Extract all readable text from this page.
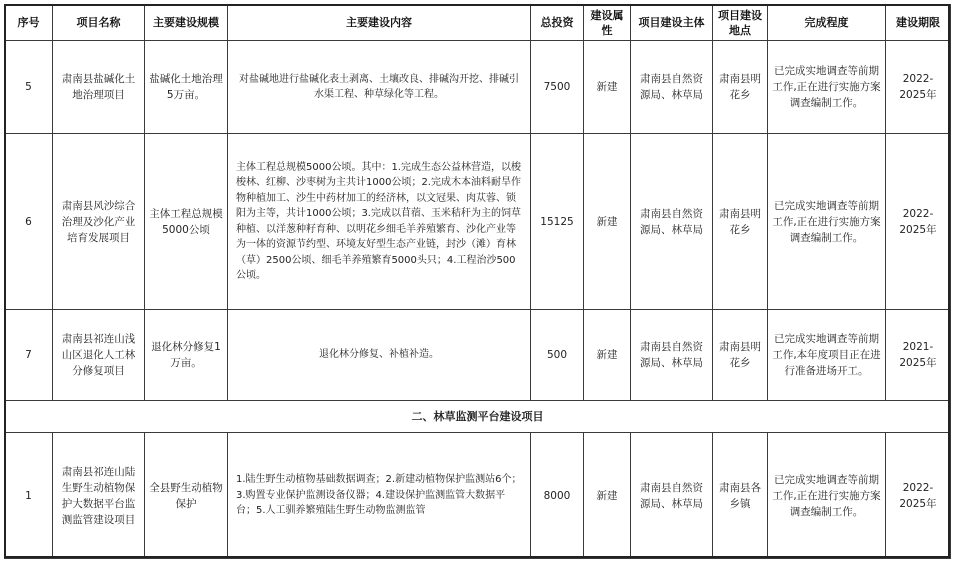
序号	项目名称	主要建设规模	主要建设内容	总投资	建设属性	项目建设主体	项目建设地点	完成程度	建设期限
5	肃南县盐碱化土地治理项目	盐碱化土地治理5万亩。	对盐碱地进行盐碱化表土剥离、土壤改良、排碱沟开挖、排碱引水渠工程、种草绿化等工程。	7500	新建	肃南县自然资源局、林草局	肃南县明花乡	已完成实地调查等前期工作,正在进行实施方案调查编制工作。	2022-2025年
6	肃南县风沙综合治理及沙化产业培育发展项目	主体工程总规模5000公顷	主体工程总规模5000公顷。其中：1.完成生态公益林营造，以梭梭林、红柳、沙枣树为主共计1000公顷；2.完成木本油料耐旱作物种植加工、沙生中药材加工的经济林，以文冠果、肉苁蓉、锁阳为主等，共计1000公顷；3.完成以苜蓿、玉米秸秆为主的饲草种植、以洋葱种籽育种、以明花乡细毛羊养殖繁育、沙化产业等为一体的资源节约型、环境友好型生态产业链，封沙（滩）育林（草）2500公顷、细毛羊养殖繁育5000头只；4.工程治沙500公顷。	15125	新建	肃南县自然资源局、林草局	肃南县明花乡	已完成实地调查等前期工作,正在进行实施方案调查编制工作。	2022-2025年
7	肃南县祁连山浅山区退化人工林分修复项目	退化林分修复1万亩。	退化林分修复、补植补造。	500	新建	肃南县自然资源局、林草局	肃南县明花乡	已完成实地调查等前期工作,本年度项目正在进行准备进场开工。	2021-2025年
二、林草监测平台建设项目									
1	肃南县祁连山陆生野生动植物保护大数据平台监测监管建设项目	全县野生动植物保护	1.陆生野生动植物基础数据调查；2.新建动植物保护监测站6个；3.购置专业保护监测设备仪器；4.建设保护监测监管大数据平台；5.人工驯养繁殖陆生野生动物监测监管	8000	新建	肃南县自然资源局、林草局	肃南县各乡镇	已完成实地调查等前期工作,正在进行实施方案调查编制工作。	2022-2025年
